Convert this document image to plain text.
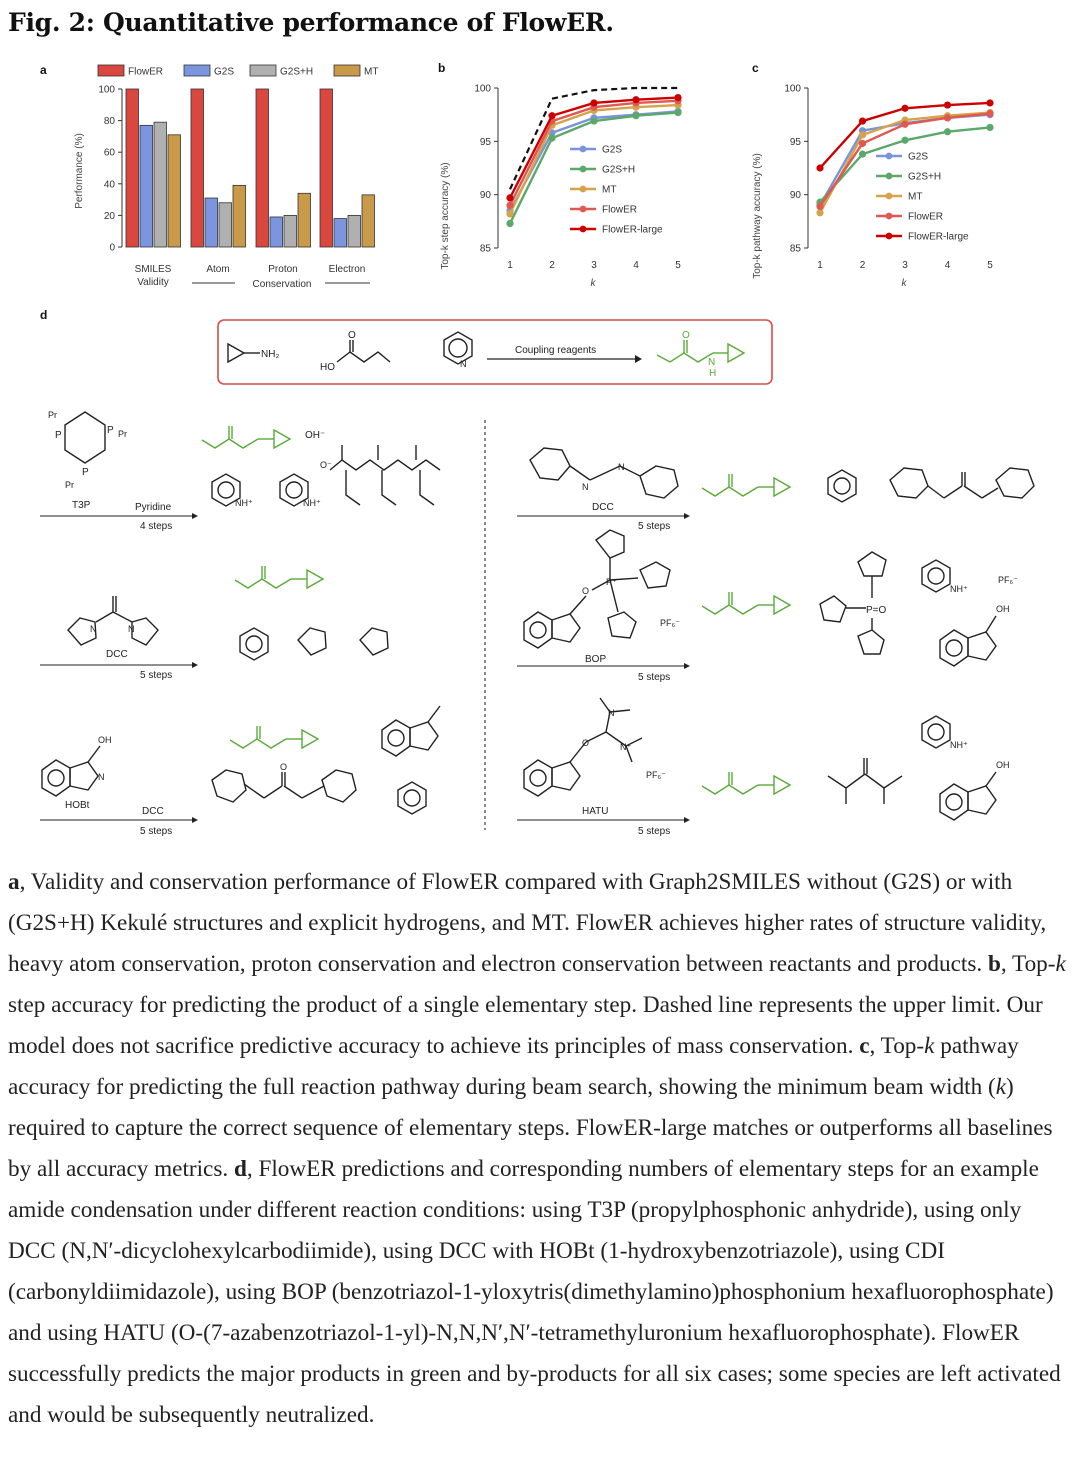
Fig. 2: Quantitative performance of FlowER.
a	FlowER	G2S	G2S+H	MT
Performance (%)
0
20
40
60
80
100
SMILES
Validity
Atom	Proton	Electron
Conservation
b
Top-k step accuracy (%)
k
85
90
95
100
1	2	3	4	5
G2S
G2S+H
MT
FlowER
FlowER-large
c
Top-k pathway accuracy (%)
k
85
90
95
100
1	2	3	4	5
G2S
G2S+H
MT
FlowER
FlowER-large
d
NH₂
O
HO	N
Coupling reagents
O
N
H
P	P
P
Pr
Pr
Pr
T3P	Pyridine
4 steps
OH⁻
NH⁺	NH⁺
O⁻
N	N
DCC
5 steps
OH
N
HOBt
DCC
5 steps
O
N
N
DCC
5 steps
P⁺
O
PF₆⁻
BOP
5 steps
P=O
NH⁺
PF₆⁻
OH
N
N⁺
O
PF₆⁻
HATU
5 steps
NH⁺
OH
a, Validity and conservation performance of FlowER compared with Graph2SMILES without (G2S) or with (G2S+H) Kekulé structures and explicit hydrogens, and MT. FlowER achieves higher rates of structure validity, heavy atom conservation, proton conservation and electron conservation between reactants and products. b, Top-k step accuracy for predicting the product of a single elementary step. Dashed line represents the upper limit. Our model does not sacrifice predictive accuracy to achieve its principles of mass conservation. c, Top-k pathway accuracy for predicting the full reaction pathway during beam search, showing the minimum beam width (k) required to capture the correct sequence of elementary steps. FlowER-large matches or outperforms all baselines by all accuracy metrics. d, FlowER predictions and corresponding numbers of elementary steps for an example amide condensation under different reaction conditions: using T3P (propylphosphonic anhydride), using only DCC (N,N′-dicyclohexylcarbodiimide), using DCC with HOBt (1-hydroxybenzotriazole), using CDI (carbonyldiimidazole), using BOP (benzotriazol-1-yloxytris(dimethylamino)phosphonium hexafluorophosphate) and using HATU (O-(7-azabenzotriazol-1-yl)-N,N,N′,N′-tetramethyluronium hexafluorophosphate). FlowER successfully predicts the major products in green and by-products for all six cases; some species are left activated and would be subsequently neutralized.
